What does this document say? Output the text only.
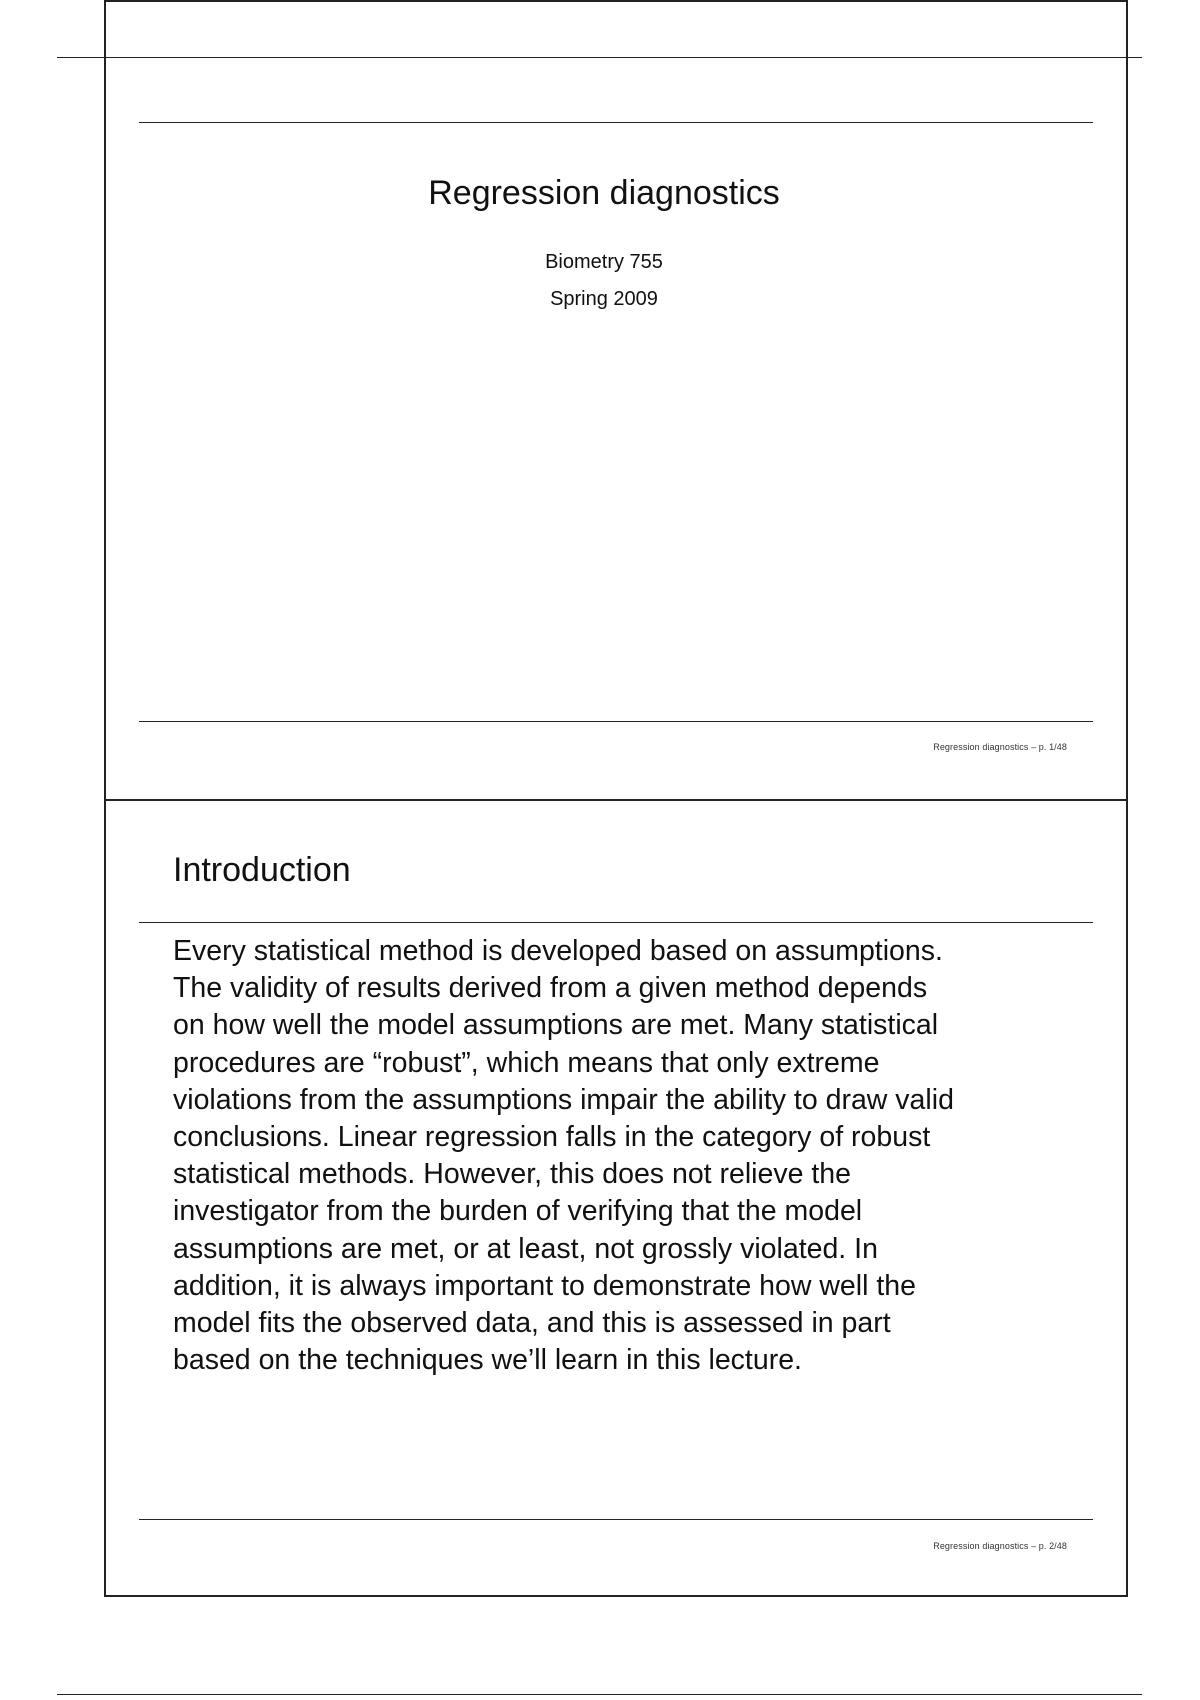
Regression diagnostics

Biometry 755

Spring 2009

Regression diagnostics – p. 1/48
Introduction

Every statistical method is developed based on assumptions.
The validity of results derived from a given method depends
on how well the model assumptions are met. Many statistical
procedures are “robust”, which means that only extreme
violations from the assumptions impair the ability to draw valid
conclusions. Linear regression falls in the category of robust
statistical methods. However, this does not relieve the
investigator from the burden of verifying that the model
assumptions are met, or at least, not grossly violated. In
addition, it is always important to demonstrate how well the
model fits the observed data, and this is assessed in part
based on the techniques we’ll learn in this lecture.

Regression diagnostics – p. 2/48
